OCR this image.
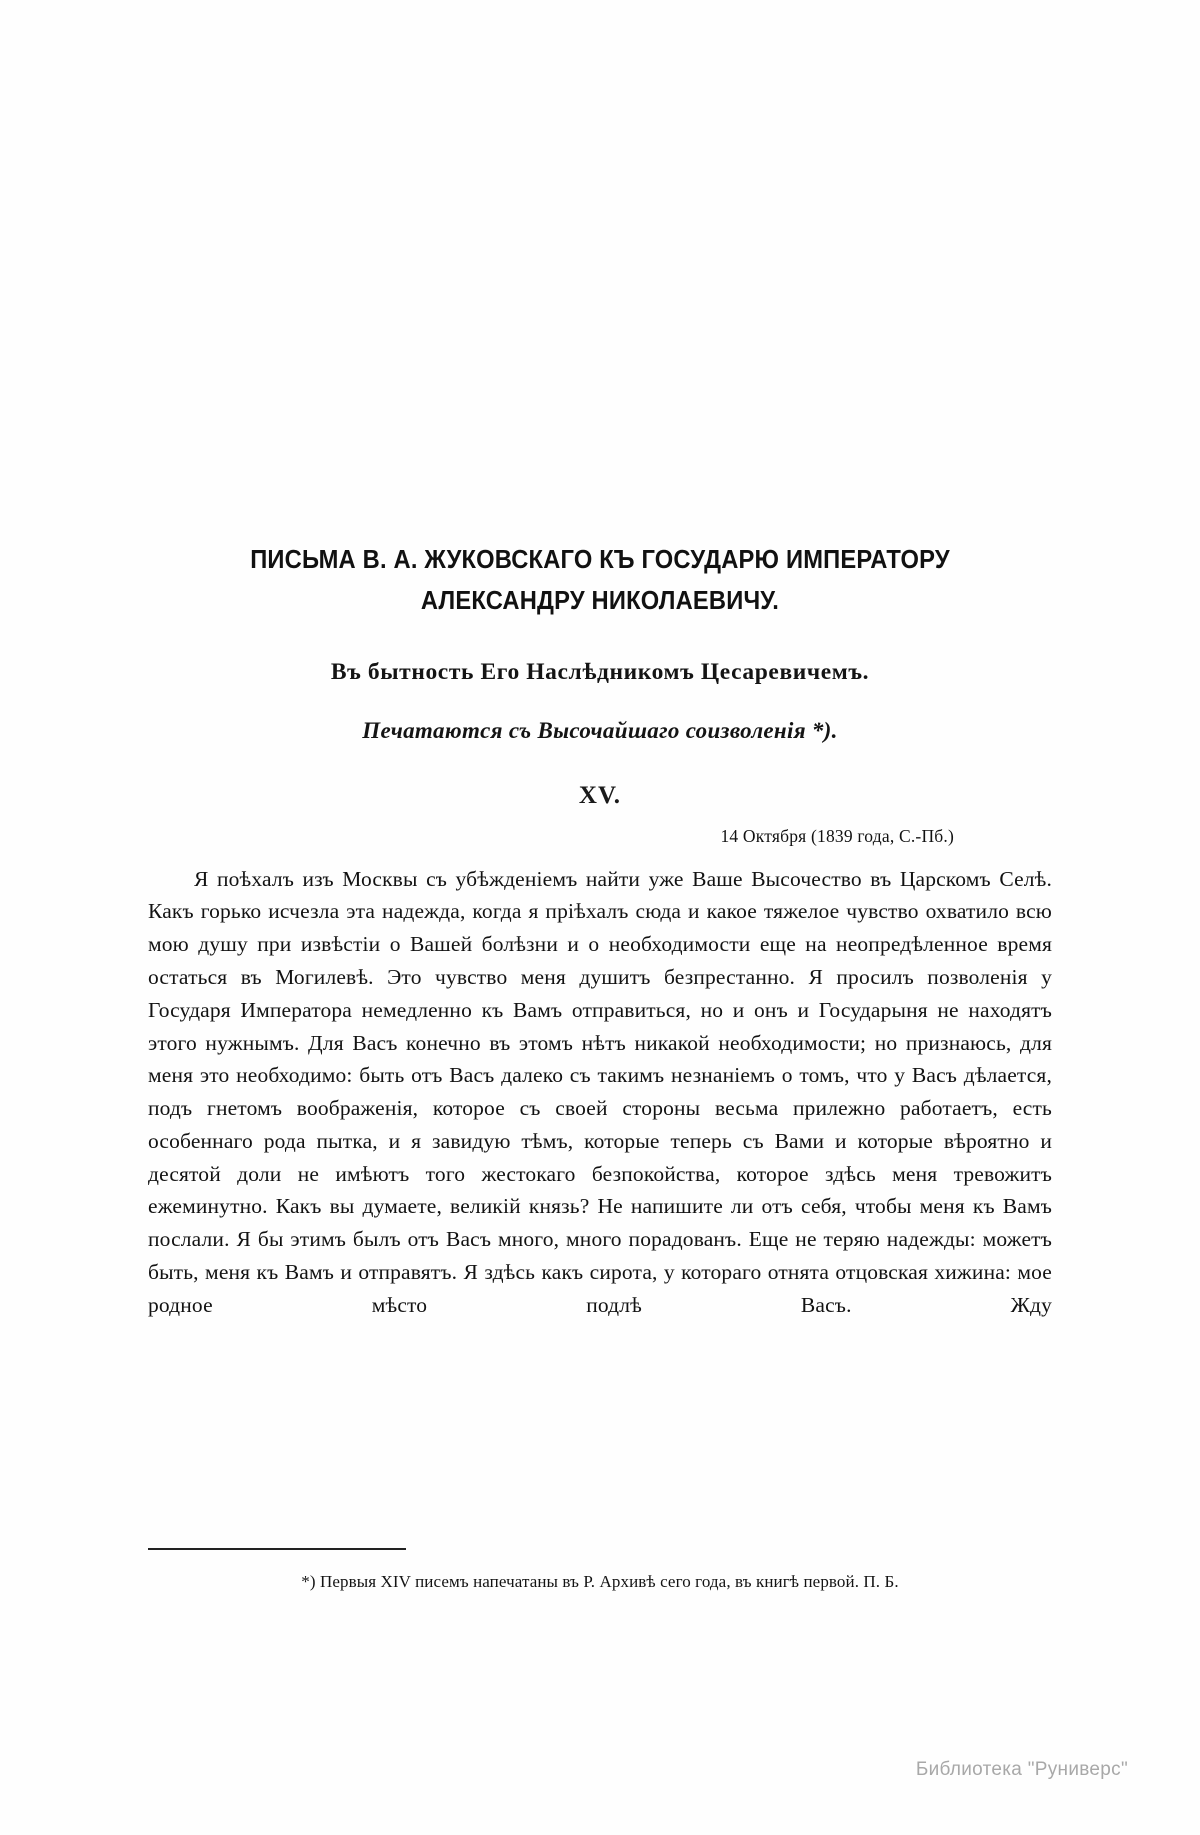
ПИСЬМА В. А. ЖУКОВСКАГО КЪ ГОСУДАРЮ ИМПЕРАТОРУ АЛЕКСАНДРУ НИКОЛАЕВИЧУ.
Въ бытность Его Наслѣдникомъ Цесаревичемъ.
Печатаются съ Высочайшаго соизволенія *).
XV.
14 Октября (1839 года, С.-Пб.)

Я поѣхалъ изъ Москвы съ убѣжденіемъ найти уже Ваше Высочество въ Царскомъ Селѣ. Какъ горько исчезла эта надежда, когда я пріѣхалъ сюда и какое тяжелое чувство охватило всю мою душу при извѣстіи о Вашей болѣзни и о необходимости еще на неопредѣленное время остаться въ Могилевѣ. Это чувство меня душитъ безпрестанно. Я просилъ позволенія у Государя Императора немедленно къ Вамъ отправиться, но и онъ и Государыня не находятъ этого нужнымъ. Для Васъ конечно въ этомъ нѣтъ никакой необходимости; но признаюсь, для меня это необходимо: быть отъ Васъ далеко съ такимъ незнаніемъ о томъ, что у Васъ дѣлается, подъ гнетомъ воображенія, которое съ своей стороны весьма прилежно работаетъ, есть особеннаго рода пытка, и я завидую тѣмъ, которые теперь съ Вами и которые вѣроятно и десятой доли не имѣютъ того жестокаго безпокойства, которое здѣсь меня тревожитъ ежеминутно. Какъ вы думаете, великій князь? Не напишите ли отъ себя, чтобы меня къ Вамъ послали. Я бы этимъ былъ отъ Васъ много, много порадованъ. Еще не теряю надежды: можетъ быть, меня къ Вамъ и отправятъ. Я здѣсь какъ сирота, у котораго отнята отцовская хижина: мое родное мѣсто подлѣ Васъ. Жду

*) Первыя XIV писемъ напечатаны въ Р. Архивѣ сего года, въ книгѣ первой. П. Б.
Библиотека "Руниверс"
